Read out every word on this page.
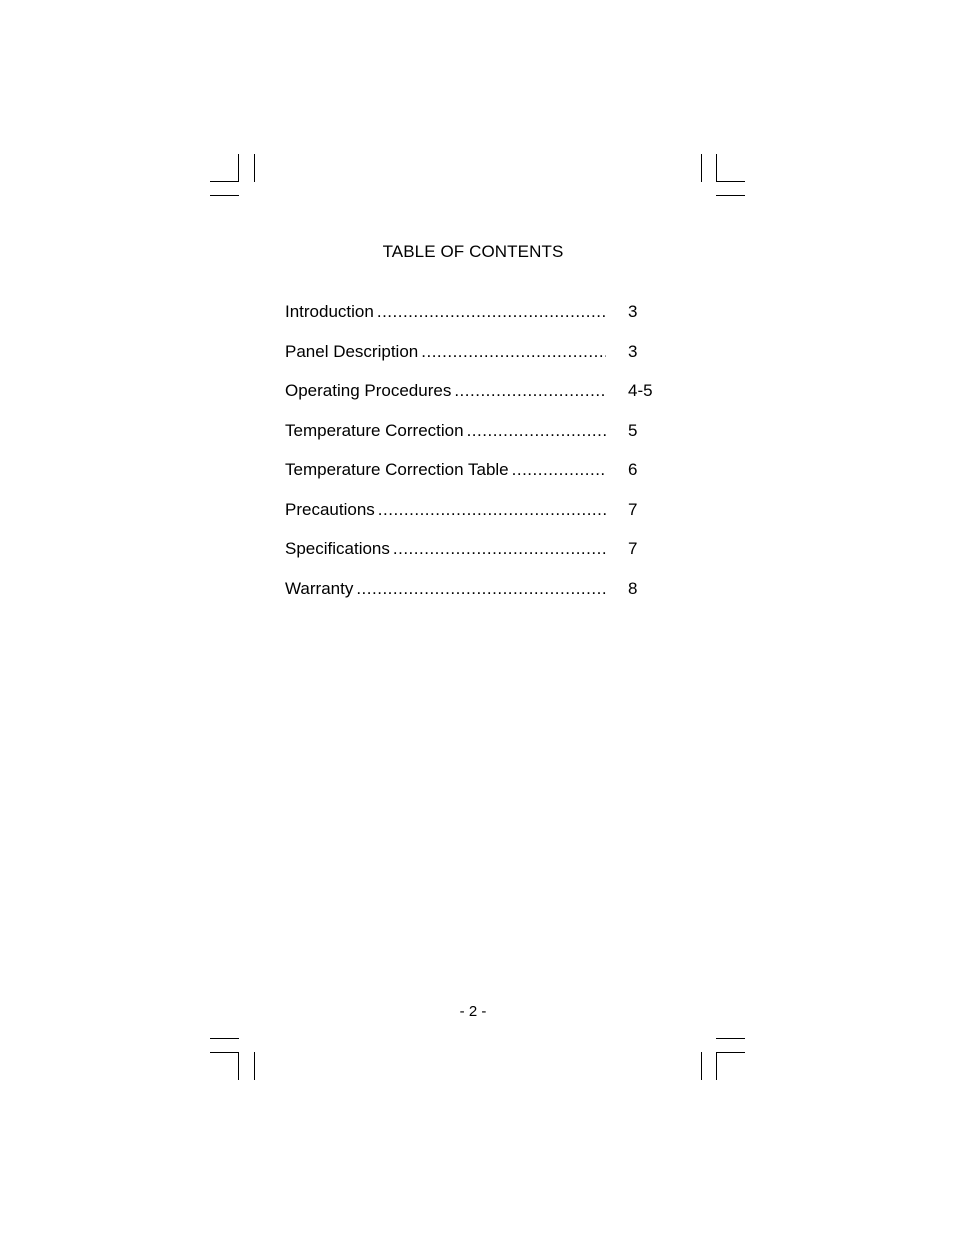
TABLE OF CONTENTS
Introduction .....	3
Panel Description .....	3
Operating Procedures .....	4-5
Temperature Correction .....	5
Temperature Correction Table .....	6
Precautions .....	7
Specifications .....	7
Warranty .....	8
- 2 -
